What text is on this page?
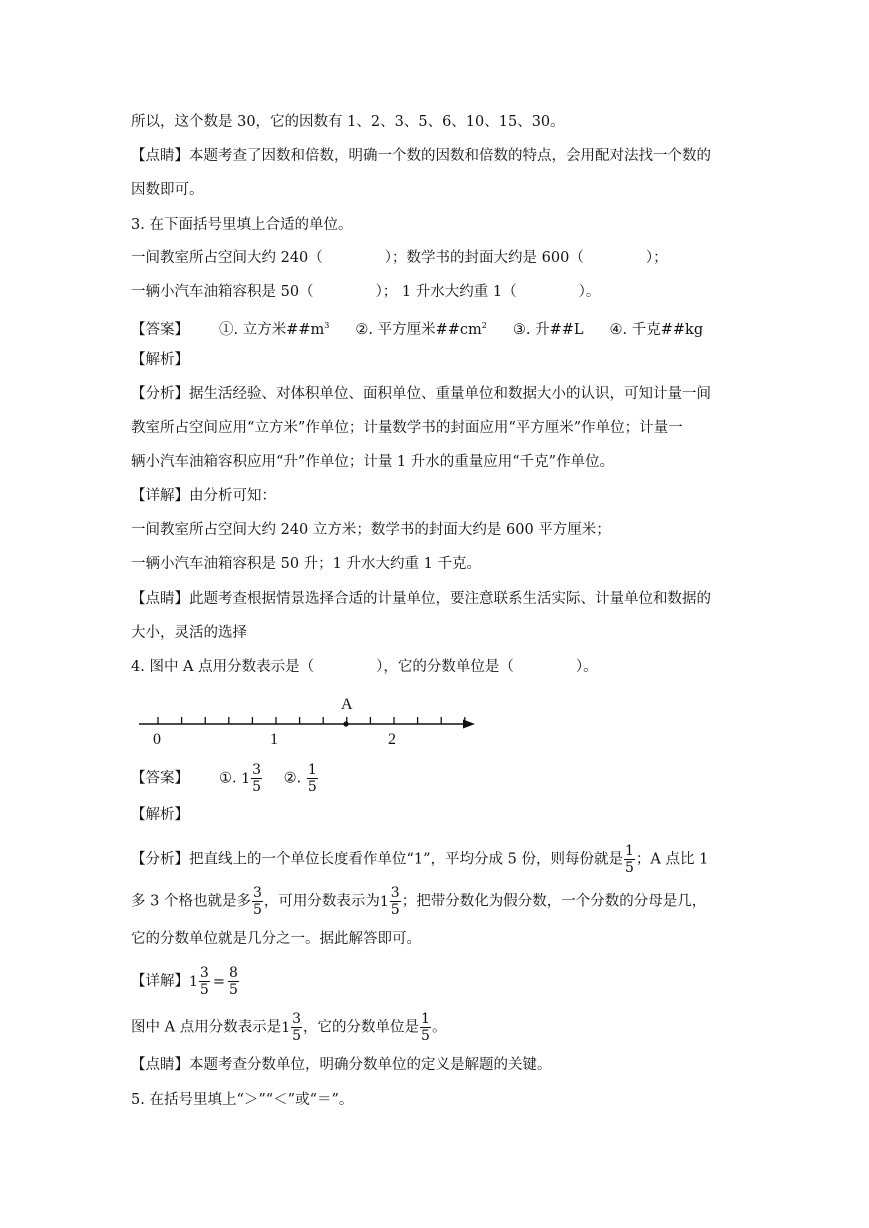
所以，这个数是 30，它的因数有 1、2、3、5、6、10、15、30。
【点睛】本题考查了因数和倍数，明确一个数的因数和倍数的特点，会用配对法找一个数的
因数即可。
3. 在下面括号里填上合适的单位。
一间教室所占空间大约 240（	）；数学书的封面大约是 600（	）；
一辆小汽车油箱容积是 50（	）； 1 升水大约重 1（	）。
【答案】 ①. 立方米$\#\#m^3$ ②. 平方厘米$\#\#cm^2$ ③. 升##L ④. 千克##kg
【解析】
【分析】据生活经验、对体积单位、面积单位、重量单位和数据大小的认识，可知计量一间
教室所占空间应用“立方米”作单位；计量数学书的封面应用“平方厘米”作单位；计量一
辆小汽车油箱容积应用“升”作单位；计量 1 升水的重量应用“千克”作单位。
【详解】由分析可知：
一间教室所占空间大约 240 立方米；数学书的封面大约是 600 平方厘米；
一辆小汽车油箱容积是 50 升；1 升水大约重 1 千克。
【点睛】此题考查根据情景选择合适的计量单位，要注意联系生活实际、计量单位和数据的
大小，灵活的选择
4. 图中 A 点用分数表示是（	），它的分数单位是（	）。
A
0	1	2
【答案】 ①. $1 \frac{3}{5}$ ②. $\frac{1}{5}$
【解析】
【分析】把直线上的一个单位长度看作单位“1”，平均分成 5 份，则每份就是 $\frac{1}{5}$ ；A 点比 1
多 3 个格也就是多 $\frac{3}{5}$ ，可用分数表示为 $1 \frac{3}{5}$ ；把带分数化为假分数，一个分数的分母是几，
它的分数单位就是几分之一。据此解答即可。
【详解】 $1 \frac{3}{5} = \frac{8}{5}$
图中 A 点用分数表示是 $1 \frac{3}{5}$ ，它的分数单位是 $\frac{1}{5}$ 。
【点睛】本题考查分数单位，明确分数单位的定义是解题的关键。
5. 在括号里填上“＞”“＜”或“＝”。
